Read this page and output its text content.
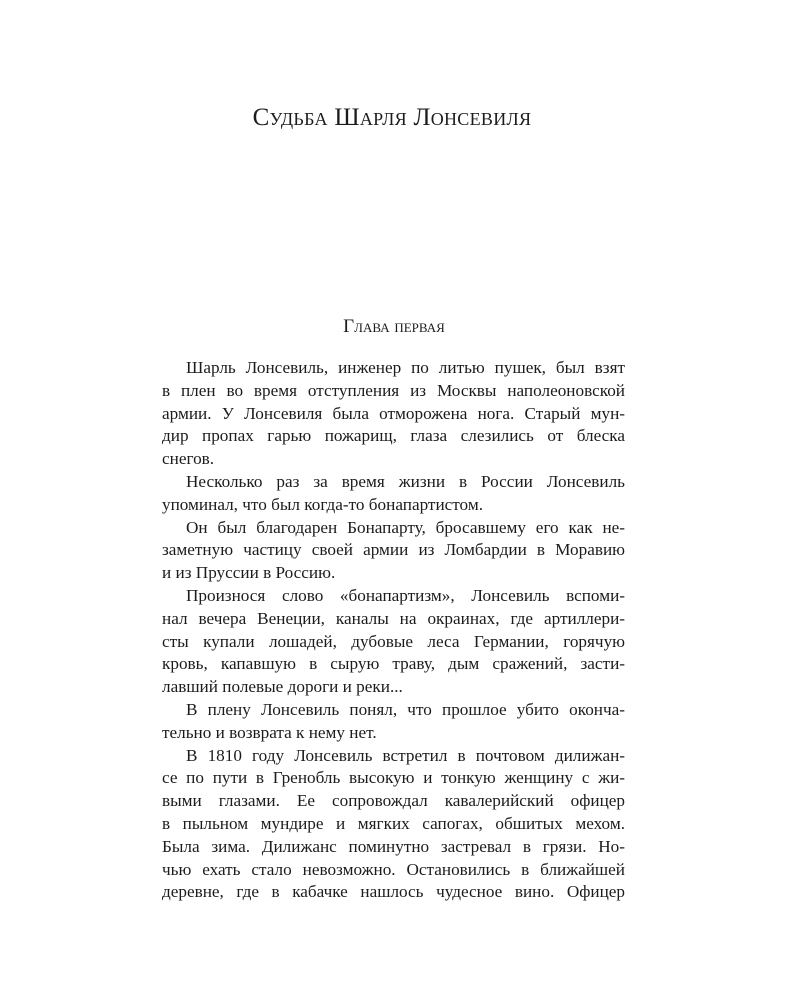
Судьба Шарля Лонсевиля
Глава первая
Шарль Лонсевиль, инженер по литью пушек, был взят
в плен во время отступления из Москвы наполеоновской
армии. У Лонсевиля была отморожена нога. Старый мун-
дир пропах гарью пожарищ, глаза слезились от блеска
снегов.
Несколько раз за время жизни в России Лонсевиль
упоминал, что был когда-то бонапартистом.
Он был благодарен Бонапарту, бросавшему его как не-
заметную частицу своей армии из Ломбардии в Моравию
и из Пруссии в Россию.
Произнося слово «бонапартизм», Лонсевиль вспоми-
нал вечера Венеции, каналы на окраинах, где артиллери-
сты купали лошадей, дубовые леса Германии, горячую
кровь, капавшую в сырую траву, дым сражений, засти-
лавший полевые дороги и реки...
В плену Лонсевиль понял, что прошлое убито оконча-
тельно и возврата к нему нет.
В 1810 году Лонсевиль встретил в почтовом дилижан-
се по пути в Гренобль высокую и тонкую женщину с жи-
выми глазами. Ее сопровождал кавалерийский офицер
в пыльном мундире и мягких сапогах, обшитых мехом.
Была зима. Дилижанс поминутно застревал в грязи. Но-
чью ехать стало невозможно. Остановились в ближайшей
деревне, где в кабачке нашлось чудесное вино. Офицер
